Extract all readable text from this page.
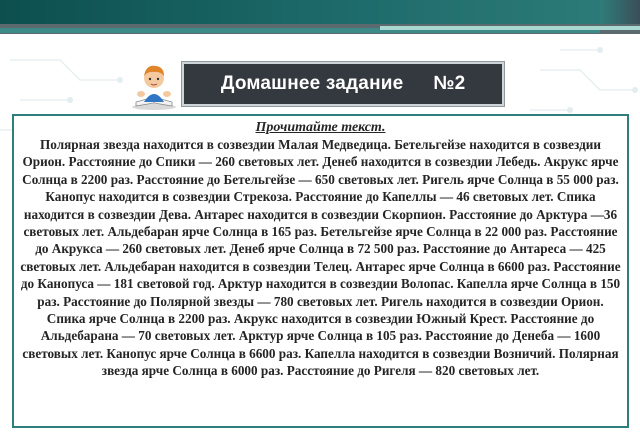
Домашнее задание №2
Прочитайте текст.
Полярная звезда находится в созвездии Малая Медведица. Бетельгейзе находится в созвездии Орион. Расстояние до Спики — 260 световых лет. Денеб находится в созвездии Лебедь. Акрукс ярче Солнца в 2200 раз. Расстояние до Бетельгейзе — 650 световых лет. Ригель ярче Солнца в 55 000 раз. Канопус находится в созвездии Стрекоза. Расстояние до Капеллы — 46 световых лет. Спика находится в созвездии Дева. Антарес находится в созвездии Скорпион. Расстояние до Арктура —36 световых лет. Альдебаран ярче Солнца в 165 раз. Бетельгейзе ярче Солнца в 22 000 раз. Расстояние до Акрукса — 260 световых лет. Денеб ярче Солнца в 72 500 раз. Расстояние до Антареса — 425 световых лет. Альдебаран находится в созвездии Телец. Антарес ярче Солнца в 6600 раз. Расстояние до Канопуса — 181 световой год. Арктур находится в созвездии Волопас. Капелла ярче Солнца в 150 раз. Расстояние до Полярной звезды — 780 световых лет. Ригель находится в созвездии Орион. Спика ярче Солнца в 2200 раз. Акрукс находится в созвездии Южный Крест. Расстояние до Альдебарана — 70 световых лет. Арктур ярче Солнца в 105 раз. Расстояние до Денеба — 1600 световых лет. Канопус ярче Солнца в 6600 раз. Капелла находится в созвездии Возничий. Полярная звезда ярче Солнца в 6000 раз. Расстояние до Ригеля — 820 световых лет.
